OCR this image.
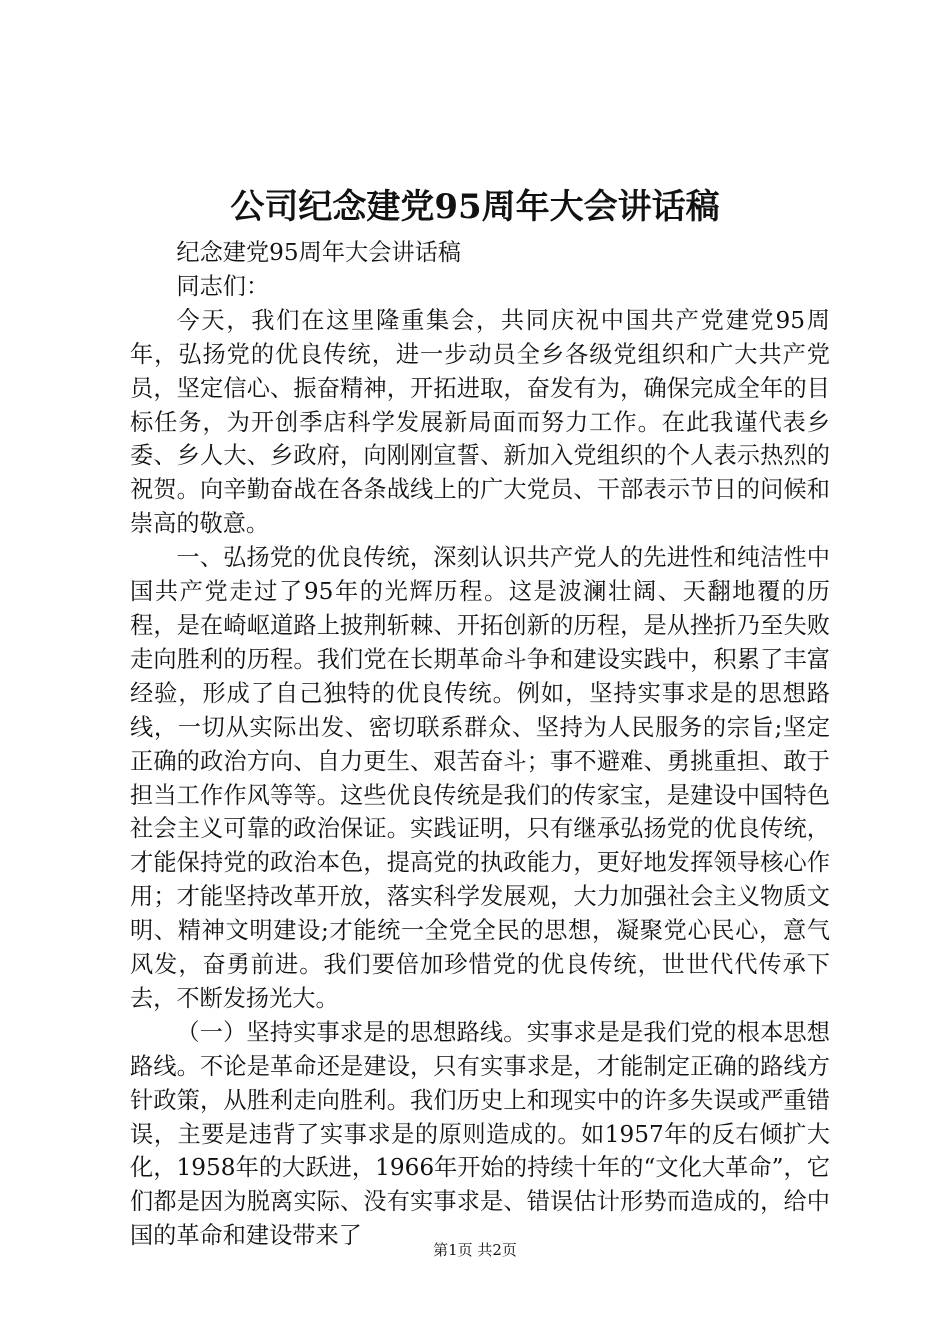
公司纪念建党95周年大会讲话稿

纪念建党95周年大会讲话稿

同志们：

今天，我们在这里隆重集会，共同庆祝中国共产党建党95周年，弘扬党的优良传统，进一步动员全乡各级党组织和广大共产党员，坚定信心、振奋精神，开拓进取，奋发有为，确保完成全年的目标任务，为开创季店科学发展新局面而努力工作。在此我谨代表乡委、乡人大、乡政府，向刚刚宣誓、新加入党组织的个人表示热烈的祝贺。向辛勤奋战在各条战线上的广大党员、干部表示节日的问候和崇高的敬意。

一、弘扬党的优良传统，深刻认识共产党人的先进性和纯洁性中国共产党走过了95年的光辉历程。这是波澜壮阔、天翻地覆的历程，是在崎岖道路上披荆斩棘、开拓创新的历程，是从挫折乃至失败走向胜利的历程。我们党在长期革命斗争和建设实践中，积累了丰富经验，形成了自己独特的优良传统。例如，坚持实事求是的思想路线，一切从实际出发、密切联系群众、坚持为人民服务的宗旨;坚定正确的政治方向、自力更生、艰苦奋斗；事不避难、勇挑重担、敢于担当工作作风等等。这些优良传统是我们的传家宝，是建设中国特色社会主义可靠的政治保证。实践证明，只有继承弘扬党的优良传统，才能保持党的政治本色，提高党的执政能力，更好地发挥领导核心作用；才能坚持改革开放，落实科学发展观，大力加强社会主义物质文明、精神文明建设;才能统一全党全民的思想，凝聚党心民心，意气风发，奋勇前进。我们要倍加珍惜党的优良传统，世世代代传承下去，不断发扬光大。

（一）坚持实事求是的思想路线。实事求是是我们党的根本思想路线。不论是革命还是建设，只有实事求是，才能制定正确的路线方针政策，从胜利走向胜利。我们历史上和现实中的许多失误或严重错误，主要是违背了实事求是的原则造成的。如1957年的反右倾扩大化，1958年的大跃进，1966年开始的持续十年的“文化大革命”，它们都是因为脱离实际、没有实事求是、错误估计形势而造成的，给中国的革命和建设带来了

第1页 共2页
